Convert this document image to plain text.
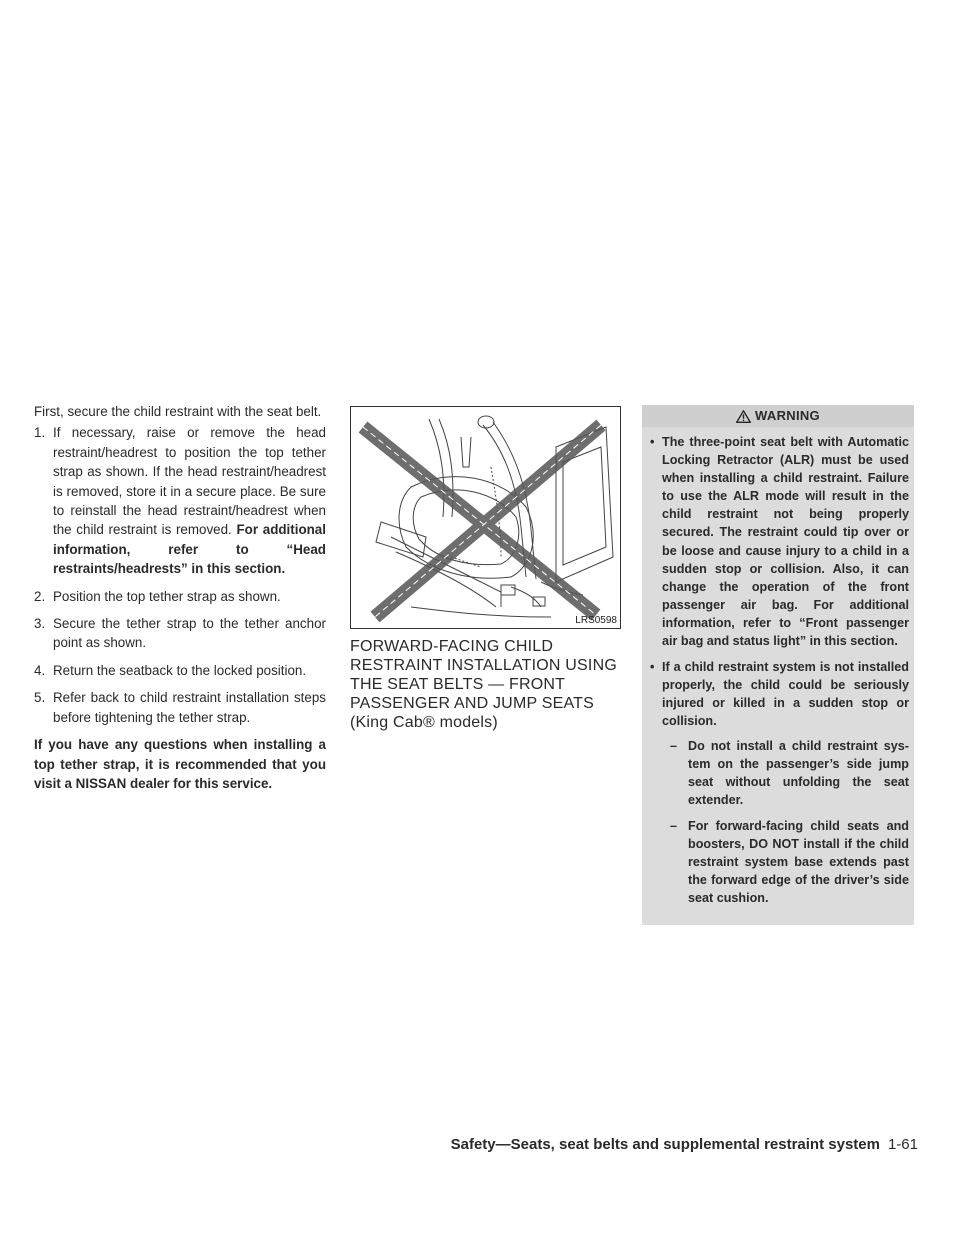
First, secure the child restraint with the seat belt.

1. If necessary, raise or remove the head restraint/headrest to position the top tether strap as shown. If the head restraint/headrest is removed, store it in a secure place. Be sure to reinstall the head restraint/headrest when the child restraint is removed. For additional information, refer to “Head restraints/headrests” in this section.
2. Position the top tether strap as shown.
3. Secure the tether strap to the tether anchor point as shown.
4. Return the seatback to the locked position.
5. Refer back to child restraint installation steps before tightening the tether strap.

If you have any questions when installing a top tether strap, it is recommended that you visit a NISSAN dealer for this service.

LRS0598
FORWARD-FACING CHILD RESTRAINT INSTALLATION USING THE SEAT BELTS — FRONT PASSENGER AND JUMP SEATS (King Cab® models)
WARNING
• The three-point seat belt with Automatic Locking Retractor (ALR) must be used when installing a child restraint. Failure to use the ALR mode will result in the child restraint not being properly secured. The restraint could tip over or be loose and cause injury to a child in a sudden stop or collision. Also, it can change the operation of the front passenger air bag. For additional information, refer to “Front passenger air bag and status light” in this section.
• If a child restraint system is not installed properly, the child could be seriously injured or killed in a sudden stop or collision.
– Do not install a child restraint system on the passenger’s side jump seat without unfolding the seat extender.
– For forward-facing child seats and boosters, DO NOT install if the child restraint system base extends past the forward edge of the driver’s side seat cushion.
Safety—Seats, seat belts and supplemental restraint system 1-61
